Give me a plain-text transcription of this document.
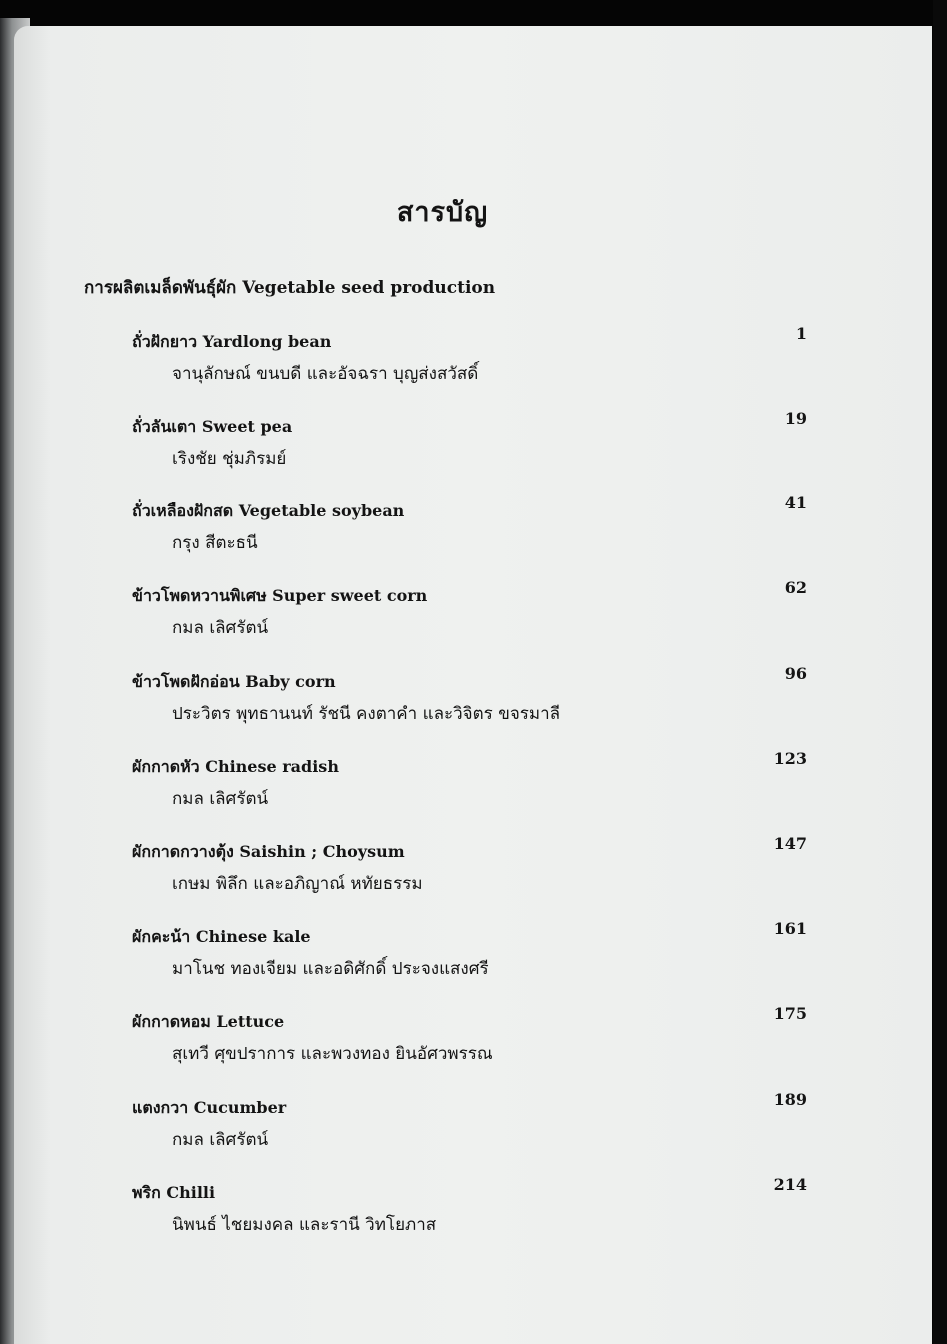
สารบัญ
การผลิตเมล็ดพันธุ์ผัก Vegetable seed production
ถั่วฝักยาว Yardlong bean	1
จานุลักษณ์ ขนบดี และอัจฉรา บุญส่งสวัสดิ์
ถั่วลันเตา Sweet pea	19
เริงชัย ชุ่มภิรมย์
ถั่วเหลืองฝักสด Vegetable soybean	41
กรุง สีตะธนี
ข้าวโพดหวานพิเศษ Super sweet corn	62
กมล เลิศรัตน์
ข้าวโพดฝักอ่อน Baby corn	96
ประวิตร พุทธานนท์ รัชนี คงตาคำ และวิจิตร ขจรมาลี
ผักกาดหัว Chinese radish	123
กมล เลิศรัตน์
ผักกาดกวางตุ้ง Saishin ; Choysum	147
เกษม พิลึก และอภิญาณ์ หทัยธรรม
ผักคะน้า Chinese kale	161
มาโนช ทองเจียม และอดิศักดิ์ ประจงแสงศรี
ผักกาดหอม Lettuce	175
สุเทวี ศุขปราการ และพวงทอง ยินอัศวพรรณ
แตงกวา Cucumber	189
กมล เลิศรัตน์
พริก Chilli	214
นิพนธ์ ไชยมงคล และรานี วิทโยภาส
